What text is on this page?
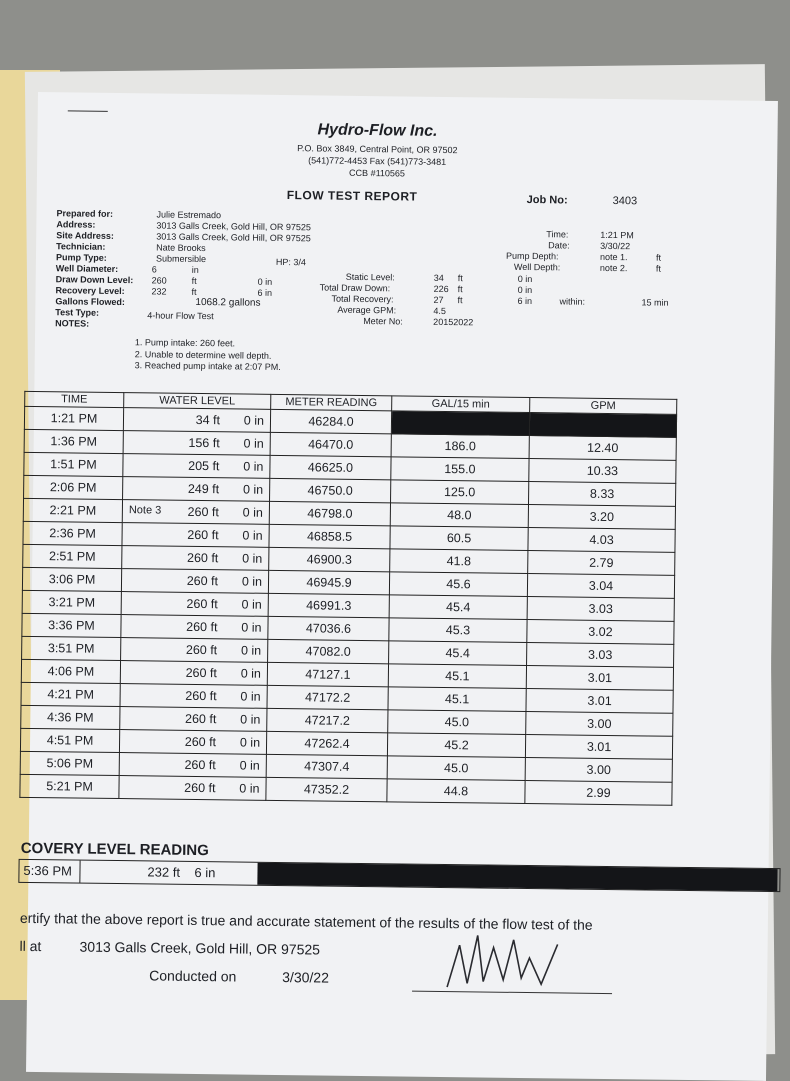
Hydro-Flow Inc.
P.O. Box 3849, Central Point, OR 97502
(541)772-4453 Fax (541)773-3481
CCB #110565
FLOW TEST REPORT	Job No:	3403
Prepared for:	Julie Estremado
Address:	3013 Galls Creek, Gold Hill, OR 97525
Site Address:	3013 Galls Creek, Gold Hill, OR 97525
Technician:	Nate Brooks
Pump Type:	Submersible	HP: 3/4
Well Diameter:	6	in
Draw Down Level: 260	ft	0 in
Recovery Level:	232	ft	6 in
Gallons Flowed:	1068.2 gallons
Test Type:	4-hour Flow Test
NOTES:
Static Level:	34 ft	0 in
Total Draw Down:	226 ft	0 in
Total Recovery:	27 ft	6 in	within:	15 min
Average GPM:	4.5
Meter No:	20152022
Time:	1:21 PM
Date:	3/30/22
Pump Depth:	note 1.	ft
Well Depth:	note 2.	ft
1. Pump intake: 260 feet.
2. Unable to determine well depth.
3. Reached pump intake at 2:07 PM.
TIME	WATER LEVEL	METER READING	GAL/15 min	GPM
1:21 PM	34 ft 0 in	46284.0		
1:36 PM	156 ft 0 in	46470.0	186.0	12.40
1:51 PM	205 ft 0 in	46625.0	155.0	10.33
2:06 PM	249 ft 0 in	46750.0	125.0	8.33
2:21 PM	Note 3 260 ft 0 in	46798.0	48.0	3.20
2:36 PM	260 ft 0 in	46858.5	60.5	4.03
2:51 PM	260 ft 0 in	46900.3	41.8	2.79
3:06 PM	260 ft 0 in	46945.9	45.6	3.04
3:21 PM	260 ft 0 in	46991.3	45.4	3.03
3:36 PM	260 ft 0 in	47036.6	45.3	3.02
3:51 PM	260 ft 0 in	47082.0	45.4	3.03
4:06 PM	260 ft 0 in	47127.1	45.1	3.01
4:21 PM	260 ft 0 in	47172.2	45.1	3.01
4:36 PM	260 ft 0 in	47217.2	45.0	3.00
4:51 PM	260 ft 0 in	47262.4	45.2	3.01
5:06 PM	260 ft 0 in	47307.4	45.0	3.00
5:21 PM	260 ft 0 in	47352.2	44.8	2.99
COVERY LEVEL READING
5:36 PM	232 ft    6 in
ertify that the above report is true and accurate statement of the results of the flow test of the
ll at	3013 Galls Creek, Gold Hill, OR 97525
Conducted on	3/30/22
